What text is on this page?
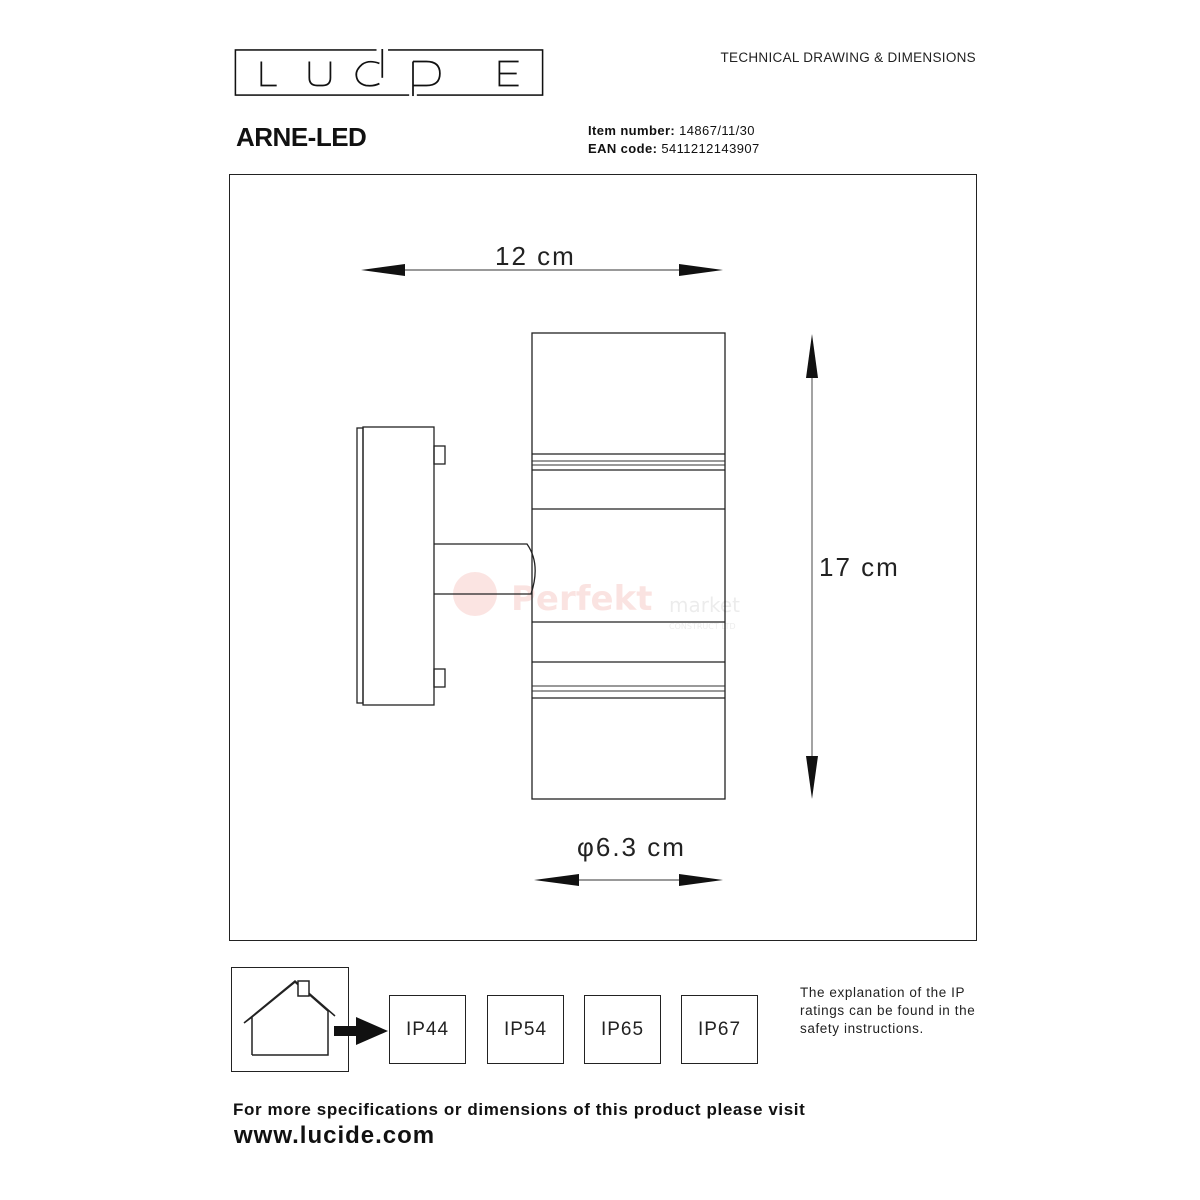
TECHNICAL DRAWING & DIMENSIONS
ARNE-LED	Item number: 14867/11/30
EAN code: 5411212143907
Perfekt market
CONSTRUCT LTD
12 cm
17 cm
φ6.3 cm
IP44	IP54	IP65	IP67
The explanation of the IP ratings can be found in the safety instructions.
For more specifications or dimensions of this product please visit
www.lucide.com
